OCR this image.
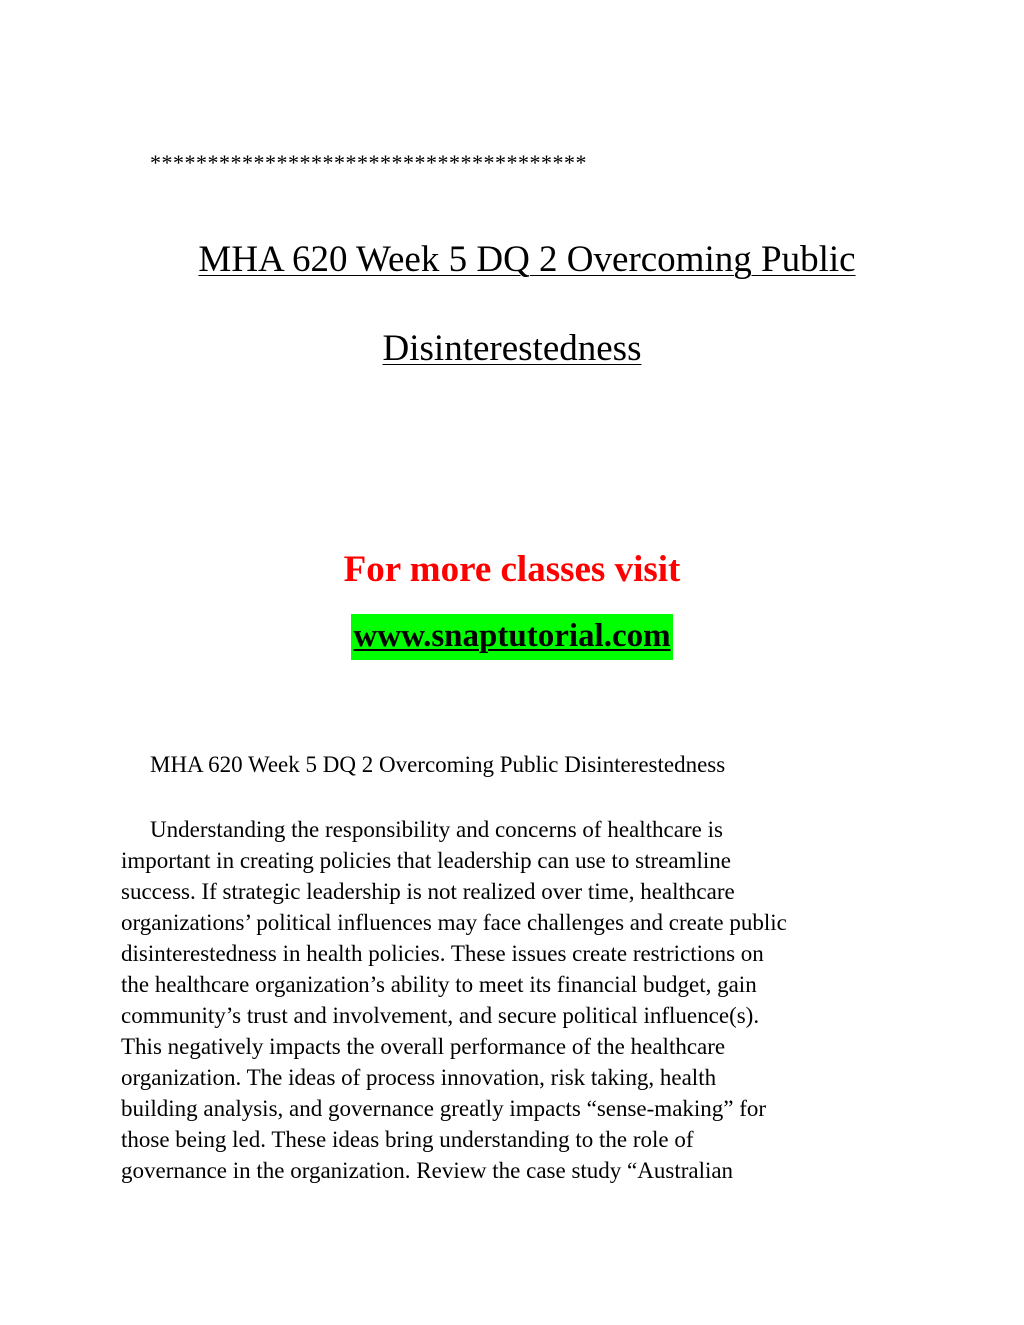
**************************************
MHA 620 Week 5 DQ 2 Overcoming Public
Disinterestedness
For more classes visit
www.snaptutorial.com
MHA 620 Week 5 DQ 2 Overcoming Public Disinterestedness
Understanding the responsibility and concerns of healthcare is
important in creating policies that leadership can use to streamline
success. If strategic leadership is not realized over time, healthcare
organizations’ political influences may face challenges and create public
disinterestedness in health policies. These issues create restrictions on
the healthcare organization’s ability to meet its financial budget, gain
community’s trust and involvement, and secure political influence(s).
This negatively impacts the overall performance of the healthcare
organization. The ideas of process innovation, risk taking, health
building analysis, and governance greatly impacts “sense-making” for
those being led. These ideas bring understanding to the role of
governance in the organization. Review the case study “Australian
